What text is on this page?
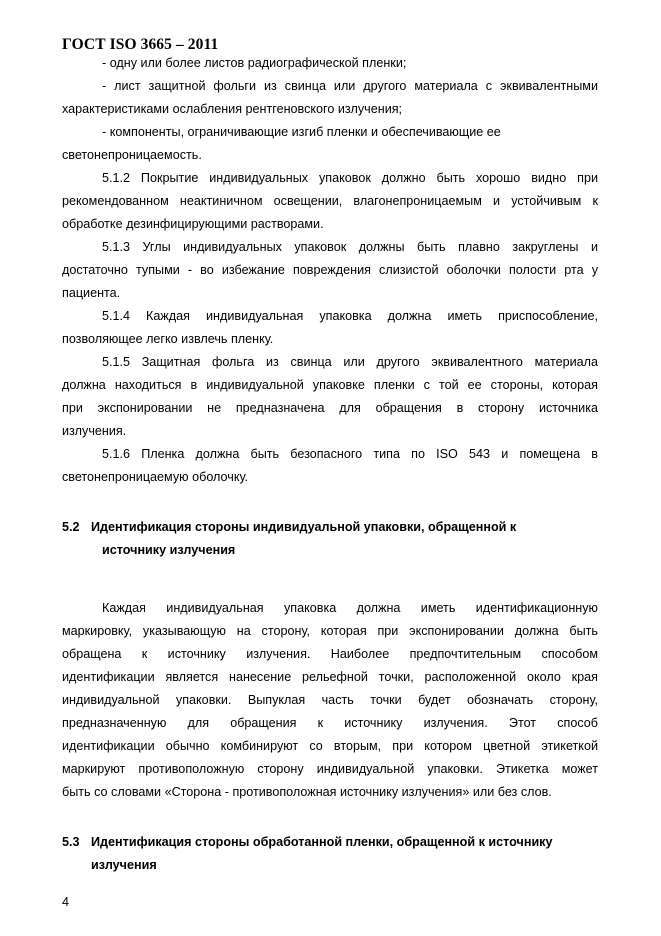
ГОСТ ISO 3665 – 2011
- одну или более листов радиографической пленки;
- лист защитной фольги из свинца или другого материала с эквивалентными
характеристиками ослабления рентгеновского излучения;
- компоненты, ограничивающие изгиб пленки и обеспечивающие ее
светонепроницаемость.
5.1.2 Покрытие индивидуальных упаковок должно быть хорошо видно при
рекомендованном неактиничном освещении, влагонепроницаемым и устойчивым к
обработке дезинфицирующими растворами.
5.1.3 Углы индивидуальных упаковок должны быть плавно закруглены и
достаточно тупыми - во избежание повреждения слизистой оболочки полости рта у
пациента.
5.1.4 Каждая индивидуальная упаковка должна иметь приспособление,
позволяющее легко извлечь пленку.
5.1.5 Защитная фольга из свинца или другого эквивалентного материала
должна находиться в индивидуальной упаковке пленки с той ее стороны, которая
при экспонировании не предназначена для обращения в сторону источника
излучения.
5.1.6 Пленка должна быть безопасного типа по ISO 543 и помещена в
светонепроницаемую оболочку.
5.2 Идентификация стороны индивидуальной упаковки, обращенной к
источнику излучения
Каждая индивидуальная упаковка должна иметь идентификационную
маркировку, указывающую на сторону, которая при экспонировании должна быть
обращена к источнику излучения. Наиболее предпочтительным способом
идентификации является нанесение рельефной точки, расположенной около края
индивидуальной упаковки. Выпуклая часть точки будет обозначать сторону,
предназначенную для обращения к источнику излучения. Этот способ
идентификации обычно комбинируют со вторым, при котором цветной этикеткой
маркируют противоположную сторону индивидуальной упаковки. Этикетка может
быть со словами «Сторона - противоположная источнику излучения» или без слов.
5.3 Идентификация стороны обработанной пленки, обращенной к источнику
излучения
4
